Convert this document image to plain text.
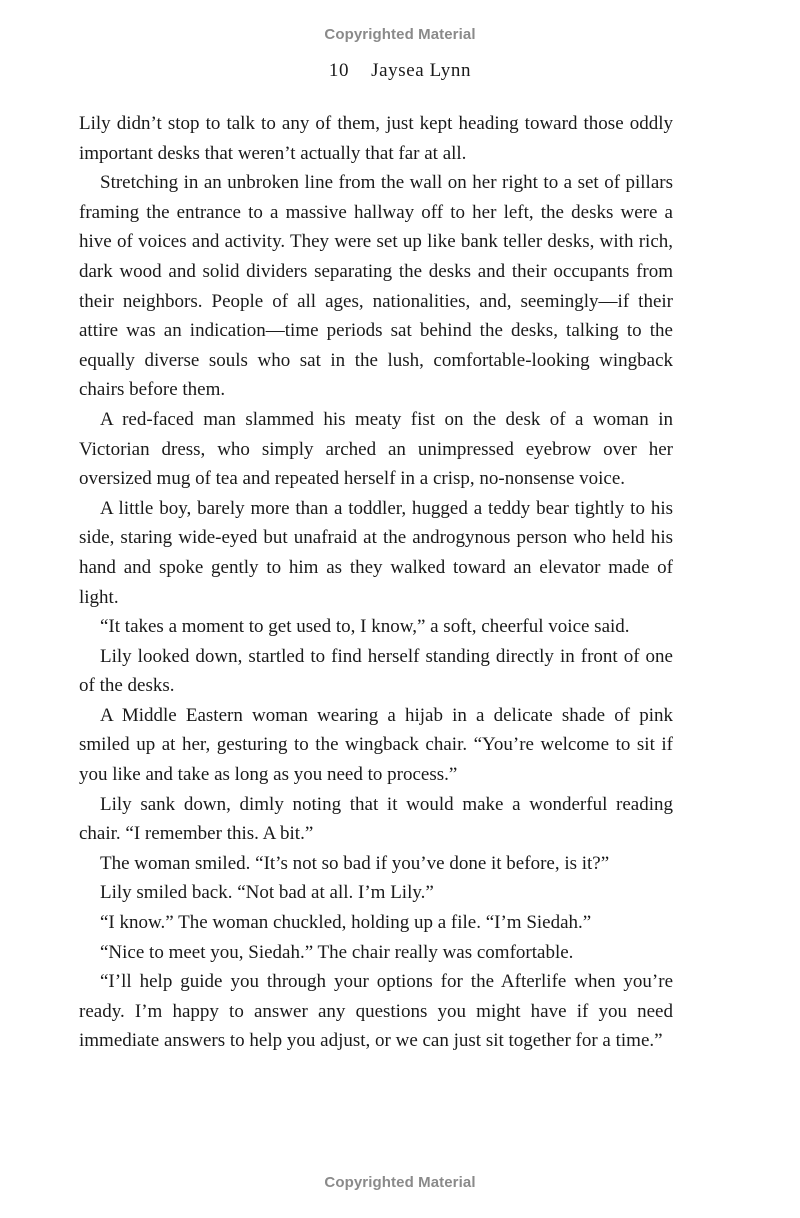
Copyrighted Material
10 Jaysea Lynn

Lily didn’t stop to talk to any of them, just kept heading toward those oddly important desks that weren’t actually that far at all.

Stretching in an unbroken line from the wall on her right to a set of pillars framing the entrance to a massive hallway off to her left, the desks were a hive of voices and activity. They were set up like bank teller desks, with rich, dark wood and solid dividers separating the desks and their occupants from their neighbors. People of all ages, nationalities, and, seemingly—if their attire was an indication—time periods sat behind the desks, talking to the equally diverse souls who sat in the lush, comfortable-looking wingback chairs before them.

A red-faced man slammed his meaty fist on the desk of a woman in Victorian dress, who simply arched an unimpressed eyebrow over her oversized mug of tea and repeated herself in a crisp, no-nonsense voice.

A little boy, barely more than a toddler, hugged a teddy bear tightly to his side, staring wide-eyed but unafraid at the androgynous person who held his hand and spoke gently to him as they walked toward an elevator made of light.

“It takes a moment to get used to, I know,” a soft, cheerful voice said.

Lily looked down, startled to find herself standing directly in front of one of the desks.

A Middle Eastern woman wearing a hijab in a delicate shade of pink smiled up at her, gesturing to the wingback chair. “You’re welcome to sit if you like and take as long as you need to process.”

Lily sank down, dimly noting that it would make a wonderful reading chair. “I remember this. A bit.”

The woman smiled. “It’s not so bad if you’ve done it before, is it?”

Lily smiled back. “Not bad at all. I’m Lily.”

“I know.” The woman chuckled, holding up a file. “I’m Siedah.”

“Nice to meet you, Siedah.” The chair really was comfortable.

“I’ll help guide you through your options for the Afterlife when you’re ready. I’m happy to answer any questions you might have if you need immediate answers to help you adjust, or we can just sit together for a time.”

Copyrighted Material
